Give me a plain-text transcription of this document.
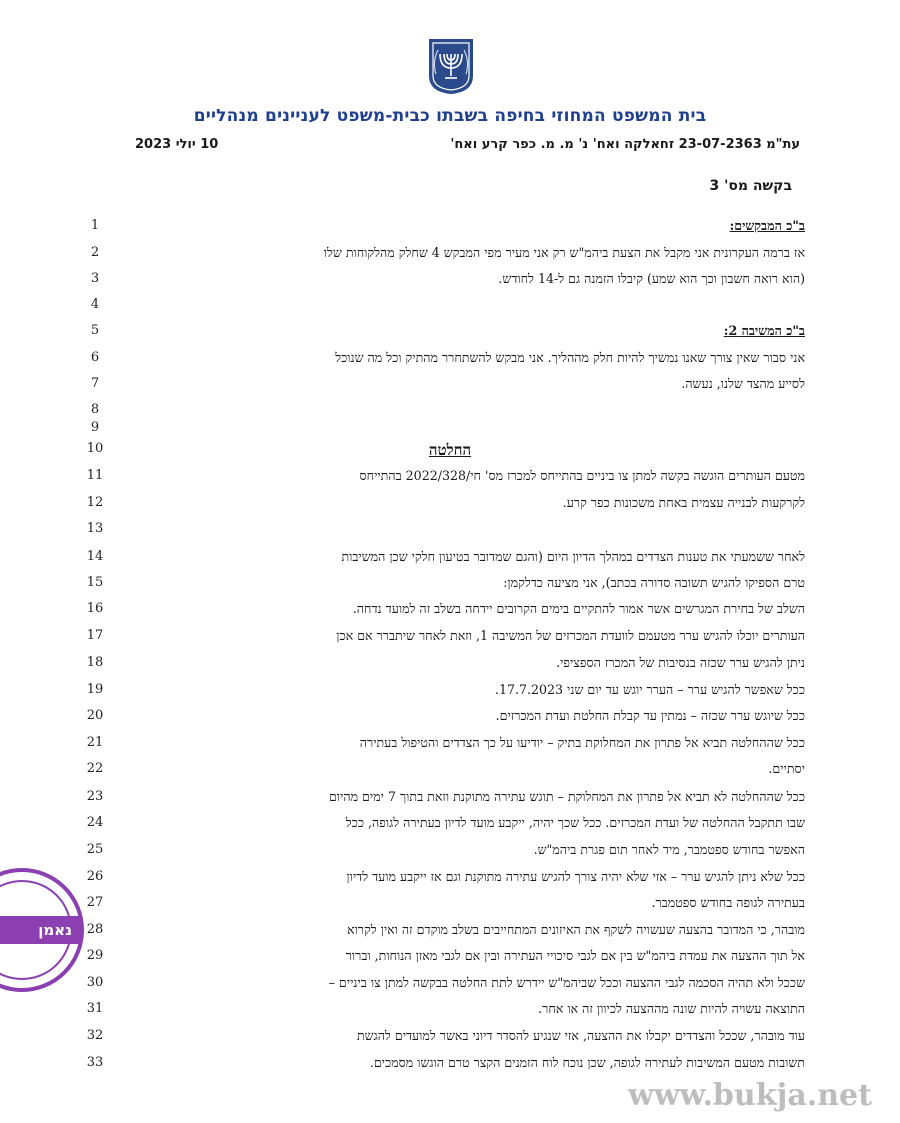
בית המשפט המחוזי בחיפה בשבתו כבית-משפט לעניינים מנהליים
עת"מ 23-07-2363 זחאלקה ואח' נ' מ. מ. כפר קרע ואח'
10 יולי 2023
בקשה מס' 3
1	ב"כ המבקשים:
2	אז ברמה העקרונית אני מקבל את הצעת ביהמ"ש רק אני מעיר מפי המבקש 4 שחלק מהלקוחות שלו
3	(הוא רואה חשבון וכך הוא שמע) קיבלו הזמנה גם ל-14 לחודש.
4
5	ב"כ המשיבה 2:
6	אני סבור שאין צורך שאנו נמשיך להיות חלק מההליך. אני מבקש להשתחרר מהתיק וכל מה שנוכל
7	לסייע מהצד שלנו, נעשה.
8
9
10	החלטה
11	מטעם העותרים הוגשה בקשה למתן צו ביניים בהתייחס למכרז מס' חי/2022/328 בהתייחס
12	לקרקעות לבנייה עצמית באחת משכונות כפר קרע.
13
14	לאחר ששמעתי את טענות הצדדים במהלך הדיון היום (והגם שמדובר בטיעון חלקי שכן המשיבות
15	טרם הספיקו להגיש תשובה סדורה בכתב), אני מציעה כדלקמן:
16	השלב של בחירת המגרשים אשר אמור להתקיים בימים הקרובים יידחה בשלב זה למועד נדחה.
17	העותרים יוכלו להגיש ערר מטעמם לוועדת המכרזים של המשיבה 1, וזאת לאחר שיתברר אם אכן
18	ניתן להגיש ערר שכזה בנסיבות של המכרז הספציפי.
19	ככל שאפשר להגיש ערר – הערר יוגש עד יום שני 17.7.2023.
20	ככל שיוגש ערר שכזה – נמתין עד קבלת החלטת ועדת המכרזים.
21	ככל שההחלטה תביא אל פתרון את המחלוקת בתיק – יודיעו על כך הצדדים והטיפול בעתירה
22	יסתיים.
23	ככל שההחלטה לא תביא אל פתרון את המחלוקת – תוגש עתירה מתוקנת וזאת בתוך 7 ימים מהיום
24	שבו תתקבל ההחלטה של ועדת המכרזים. ככל שכך יהיה, ייקבע מועד לדיון בעתירה לגופה, ככל
25	האפשר בחודש ספטמבר, מיד לאחר תום פגרת ביהמ"ש.
26	ככל שלא ניתן להגיש ערר – אזי שלא יהיה צורך להגיש עתירה מתוקנת וגם אז ייקבע מועד לדיון
27	בעתירה לגופה בחודש ספטמבר.
28	מובהר, כי המדובר בהצעה שעשויה לשקף את האיזונים המתחייבים בשלב מוקדם זה ואין לקרוא
29	אל תוך ההצעה את עמדת ביהמ"ש בין אם לגבי סיכויי העתירה ובין אם לגבי מאזן הנוחות, וברור
30	שככל ולא תהיה הסכמה לגבי ההצעה וככל שביהמ"ש יידרש לתת החלטה בבקשה למתן צו ביניים –
31	התוצאה עשויה להיות שונה מההצעה לכיוון זה או אחר.
32	עוד מובהר, שככל והצדדים יקבלו את ההצעה, אזי שנגיע להסדר דיוני באשר למועדים להגשת
33	תשובות מטעם המשיבות לעתירה לגופה, שכן נוכח לוח הזמנים הקצר טרם הוגשו מסמכים.
נאמן
www.bukja.net
